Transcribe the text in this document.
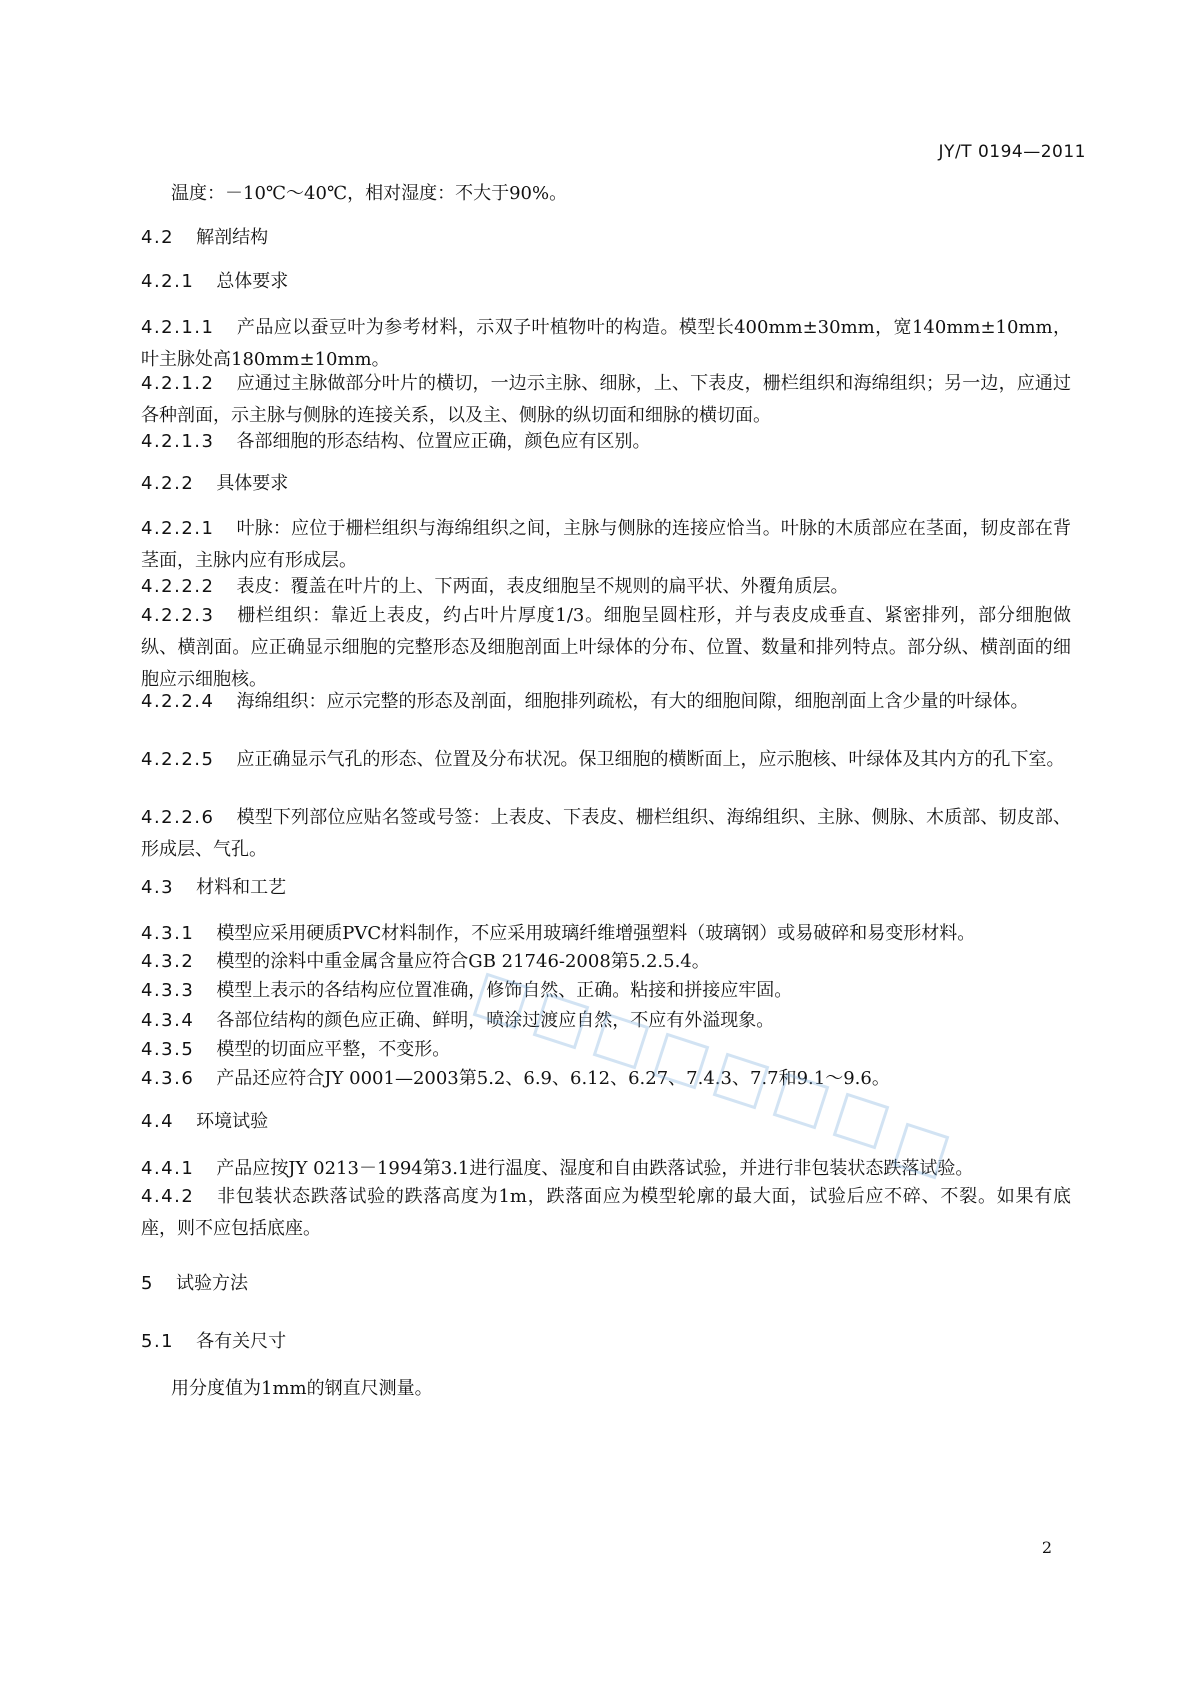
JY/T 0194—2011
温度：－10℃～40℃，相对湿度：不大于90%。
4.2 解剖结构
4.2.1 总体要求
4.2.1.1 产品应以蚕豆叶为参考材料，示双子叶植物叶的构造。模型长400mm±30mm，宽140mm±10mm，叶主脉处高180mm±10mm。
4.2.1.2 应通过主脉做部分叶片的横切，一边示主脉、细脉，上、下表皮，栅栏组织和海绵组织；另一边，应通过各种剖面，示主脉与侧脉的连接关系，以及主、侧脉的纵切面和细脉的横切面。
4.2.1.3 各部细胞的形态结构、位置应正确，颜色应有区别。
4.2.2 具体要求
4.2.2.1 叶脉：应位于栅栏组织与海绵组织之间，主脉与侧脉的连接应恰当。叶脉的木质部应在茎面，韧皮部在背茎面，主脉内应有形成层。
4.2.2.2 表皮：覆盖在叶片的上、下两面，表皮细胞呈不规则的扁平状、外覆角质层。
4.2.2.3 栅栏组织：靠近上表皮，约占叶片厚度1/3。细胞呈圆柱形，并与表皮成垂直、紧密排列，部分细胞做纵、横剖面。应正确显示细胞的完整形态及细胞剖面上叶绿体的分布、位置、数量和排列特点。部分纵、横剖面的细胞应示细胞核。
4.2.2.4 海绵组织：应示完整的形态及剖面，细胞排列疏松，有大的细胞间隙，细胞剖面上含少量的叶绿体。
4.2.2.5 应正确显示气孔的形态、位置及分布状况。保卫细胞的横断面上，应示胞核、叶绿体及其内方的孔下室。
4.2.2.6 模型下列部位应贴名签或号签：上表皮、下表皮、栅栏组织、海绵组织、主脉、侧脉、木质部、韧皮部、形成层、气孔。
4.3 材料和工艺
4.3.1 模型应采用硬质PVC材料制作，不应采用玻璃纤维增强塑料（玻璃钢）或易破碎和易变形材料。
4.3.2 模型的涂料中重金属含量应符合GB 21746-2008第5.2.5.4。
4.3.3 模型上表示的各结构应位置准确，修饰自然、正确。粘接和拼接应牢固。
4.3.4 各部位结构的颜色应正确、鲜明，喷涂过渡应自然，不应有外溢现象。
4.3.5 模型的切面应平整，不变形。
4.3.6 产品还应符合JY 0001—2003第5.2、6.9、6.12、6.27、7.4.3、7.7和9.1～9.6。
4.4 环境试验
4.4.1 产品应按JY 0213－1994第3.1进行温度、湿度和自由跌落试验，并进行非包装状态跌落试验。
4.4.2 非包装状态跌落试验的跌落高度为1m，跌落面应为模型轮廓的最大面，试验后应不碎、不裂。如果有底座，则不应包括底座。
5 试验方法
5.1 各有关尺寸
用分度值为1mm的钢直尺测量。
2
